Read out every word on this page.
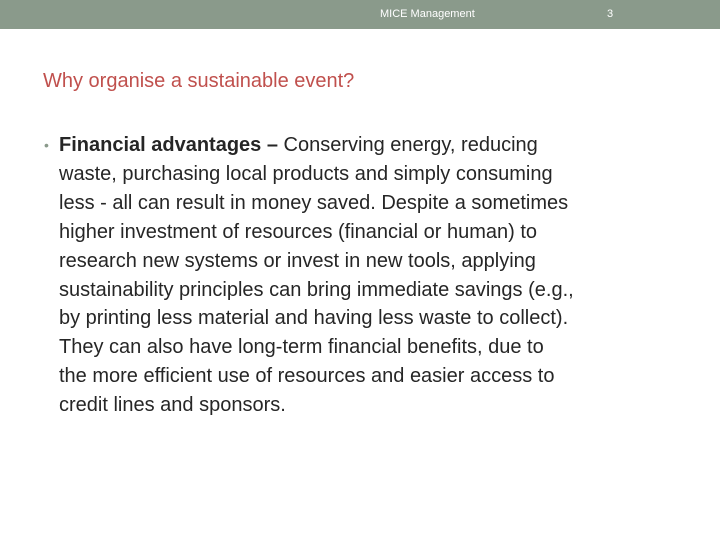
MICE Management	3
Why organise a sustainable event?
• Financial advantages – Conserving energy, reducing
waste, purchasing local products and simply consuming
less - all can result in money saved. Despite a sometimes
higher investment of resources (financial or human) to
research new systems or invest in new tools, applying
sustainability principles can bring immediate savings (e.g.,
by printing less material and having less waste to collect).
They can also have long-term financial benefits, due to
the more efficient use of resources and easier access to
credit lines and sponsors.
